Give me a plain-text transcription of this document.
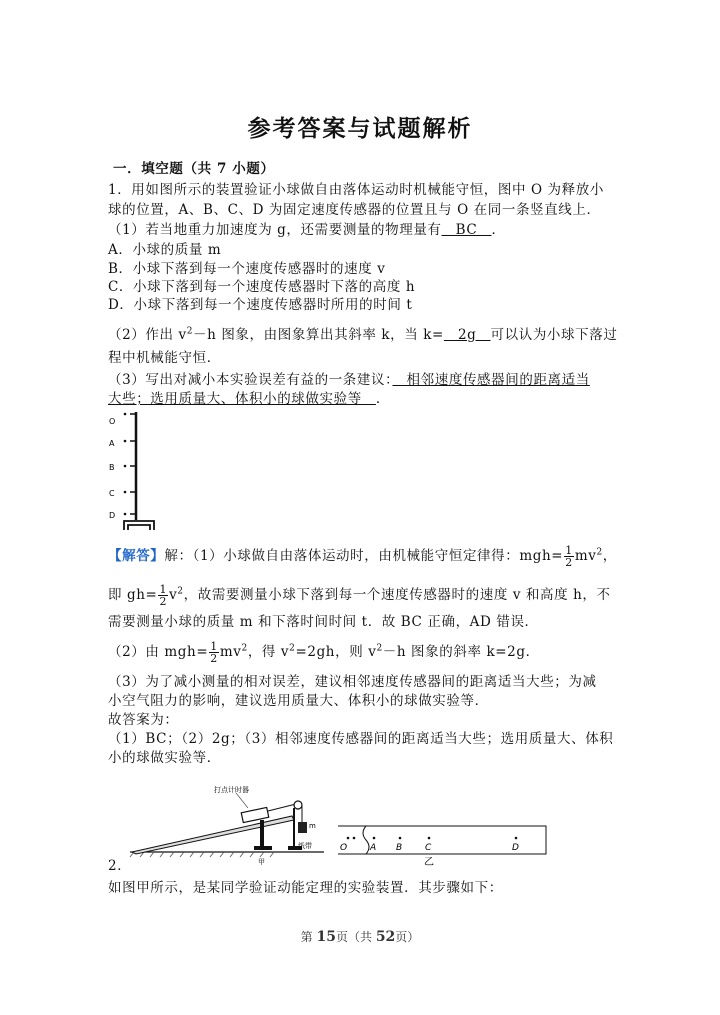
参考答案与试题解析
一．填空题（共 7 小题）
1．用如图所示的装置验证小球做自由落体运动时机械能守恒，图中 O 为释放小
球的位置，A、B、C、D 为固定速度传感器的位置且与 O 在同一条竖直线上．
（1）若当地重力加速度为 g，还需要测量的物理量有　BC　．
A．小球的质量 m
B．小球下落到每一个速度传感器时的速度 v
C．小球下落到每一个速度传感器时下落的高度 h
D．小球下落到每一个速度传感器时所用的时间 t
（2）作出 $v^2-h$ 图象，由图象算出其斜率 k，当 k=　2g　可以认为小球下落过
程中机械能守恒．
（3）写出对减小本实验误差有益的一条建议：　相邻速度传感器间的距离适当
大些；选用质量大、体积小的球做实验等　．
O
A
B
C
D
【解答】解：（1）小球做自由落体运动时，由机械能守恒定律得：$mgh= \frac{1}{2} mv^2$，
即 $gh= \frac{1}{2} v^2$，故需要测量小球下落到每一个速度传感器时的速度 v 和高度 h，不
需要测量小球的质量 m 和下落时间时间 t．故 BC 正确，AD 错误．
（2）由 $mgh= \frac{1}{2} mv^2$，得 $v^2=2gh$，则 $v^2-h$ 图象的斜率 k=2g．
（3）为了减小测量的相对误差，建议相邻速度传感器间的距离适当大些；为减
小空气阻力的影响，建议选用质量大、体积小的球做实验等．
故答案为：
（1）BC；（2）2g；（3）相邻速度传感器间的距离适当大些；选用质量大、体积
小的球做实验等．
打点计时器
m
纸带
甲
O	A B	C	D
乙
2．
如图甲所示，是某同学验证动能定理的实验装置．其步骤如下：
第 15页（共 52页）
